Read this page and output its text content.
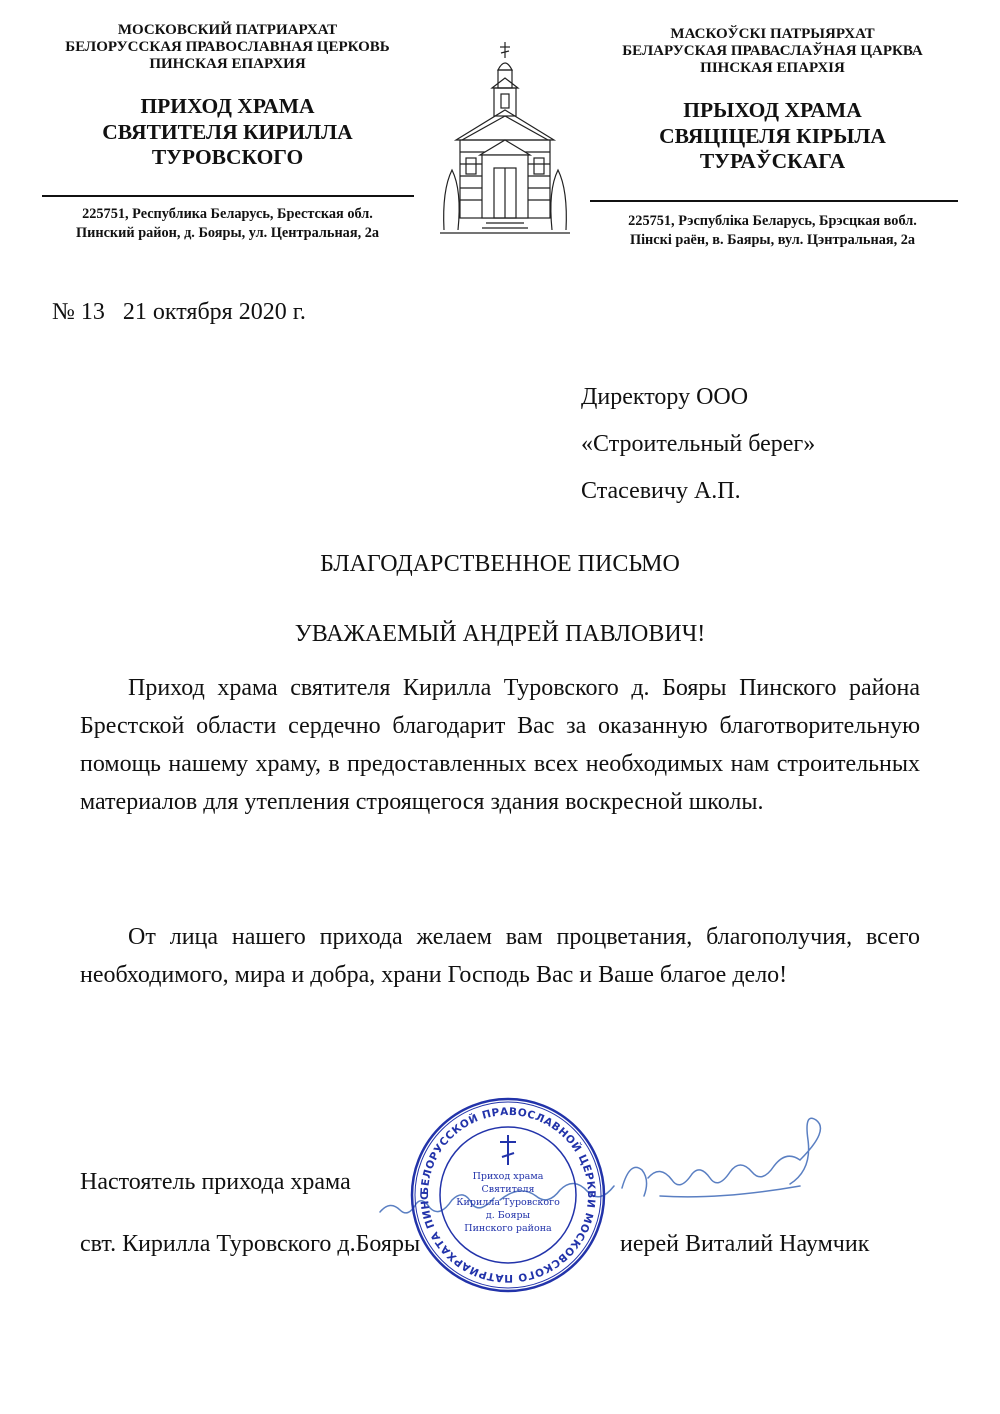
МОСКОВСКИЙ ПАТРИАРХАТ
БЕЛОРУССКАЯ ПРАВОСЛАВНАЯ ЦЕРКОВЬ
ПИНСКАЯ ЕПАРХИЯ
ПРИХОД ХРАМА
СВЯТИТЕЛЯ КИРИЛЛА
ТУРОВСКОГО
225751, Республика Беларусь, Брестская обл.
Пинский район, д. Бояры, ул. Центральная, 2а
МАСКОЎСКІ ПАТРЫЯРХАТ
БЕЛАРУСКАЯ ПРАВАСЛАЎНАЯ ЦАРКВА
ПІНСКАЯ ЕПАРХІЯ
ПРЫХОД ХРАМА
СВЯЦІЦЕЛЯ КІРЫЛА
ТУРАЎСКАГА
225751, Рэспубліка Беларусь, Брэсцкая вобл.
Пінскі раён, в. Баяры, вул. Цэнтральная, 2а
№ 13 21 октября 2020 г.
Директору ООО
«Строительный берег»
Стасевичу А.П.
БЛАГОДАРСТВЕННОЕ ПИСЬМО
УВАЖАЕМЫЙ АНДРЕЙ ПАВЛОВИЧ!
Приход храма святителя Кирилла Туровского д. Бояры Пинского района Брестской области сердечно благодарит Вас за оказанную благотворительную помощь нашему храму, в предоставленных всех необходимых нам строительных материалов для утепления строящегося здания воскресной школы.
От лица нашего прихода желаем вам процветания, благополучия, всего необходимого, мира и добра, храни Господь Вас и Ваше благое дело!
Настоятель прихода храма
свт. Кирилла Туровского д.Бояры	иерей Виталий Наумчик
БЕЛОРУССКОЙ ПРАВОСЛАВНОЙ ЦЕРКВИ МОСКОВСКОГО ПАТРИАРХАТА ПИНС
Приход храма
Святителя
Кирилла Туровского
д. Бояры
Пинского района
